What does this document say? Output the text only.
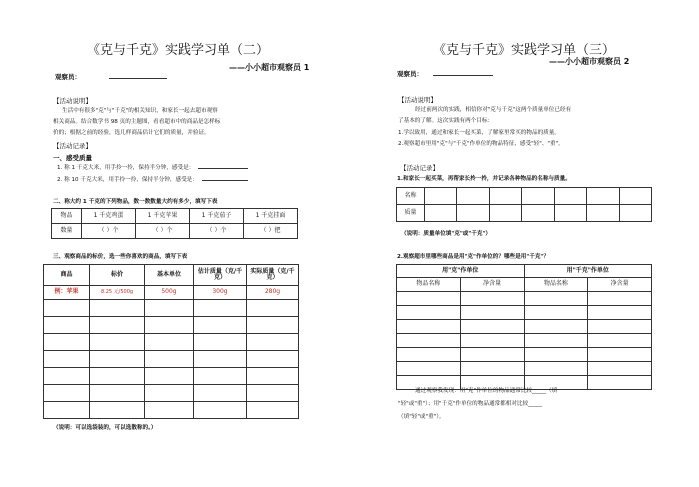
《克与千克》实践学习单（二）
——小小超市观察员 1
观察员：
【活动说明】
生活中有很多"克"与"千克"的相关知识，和家长一起去超市观察
相关商品。结合数学书 98 页的主题图，看看超市中的商品是怎样标
价的；根据之前的经验，选几样商品估计它们的质量，并验证。
【活动记录】
一、感受质量
1. 称 1 千克大米，用手拎一拎，保持半分钟，感受是：
2. 称 10 千克大米，用手拎一拎，保持半分钟，感受是：
二、称大约 1 千克的下列物品，数一数数量大约有多少，填写下表
物品	1 千克鸡蛋	1 千克苹果	1 千克茄子	1 千克挂面
数量	（ ）个	（ ）个	（ ）个	（ ）把
三、观察商品的标价，选一些你喜欢的商品，填写下表
商品	标价	基本单位	估计质量（克/千克）	实际质量（克/千克）
例：苹果	8.25 元/500g	500g	300g	280g

（说明：可以选袋装的，可以选散称的。）
《克与千克》实践学习单（三）
——小小超市观察员 2
观察员：
【活动说明】
经过前两次的实践，相信你对"克与千克"这两个质量单位已经有
了基本的了解。这次实践有两个目标：
1.学以致用，通过和家长一起买菜，了解家里常买的物品的质量。
2.观察超市里用"克"与"千克"作单位的物品特征，感受"轻"、"重"。
【活动记录】
1.和家长一起买菜，再帮家长拎一拎，并记录各种物品的名称与质量。
名称							
质量							
（说明：质量单位填"克"或"千克"）
2.观察超市里哪些商品是用"克"作单位的？哪些是用"千克"？
用"克"作单位		用"千克"作单位	
物品名称	净含量	物品名称	净含量

通过观察我发现：用"克"作单位的物品通常比较_____（填
"轻"或"重"）；用"千克"作单位的物品通常都相对比较_____
（填"轻"或"重"）。
